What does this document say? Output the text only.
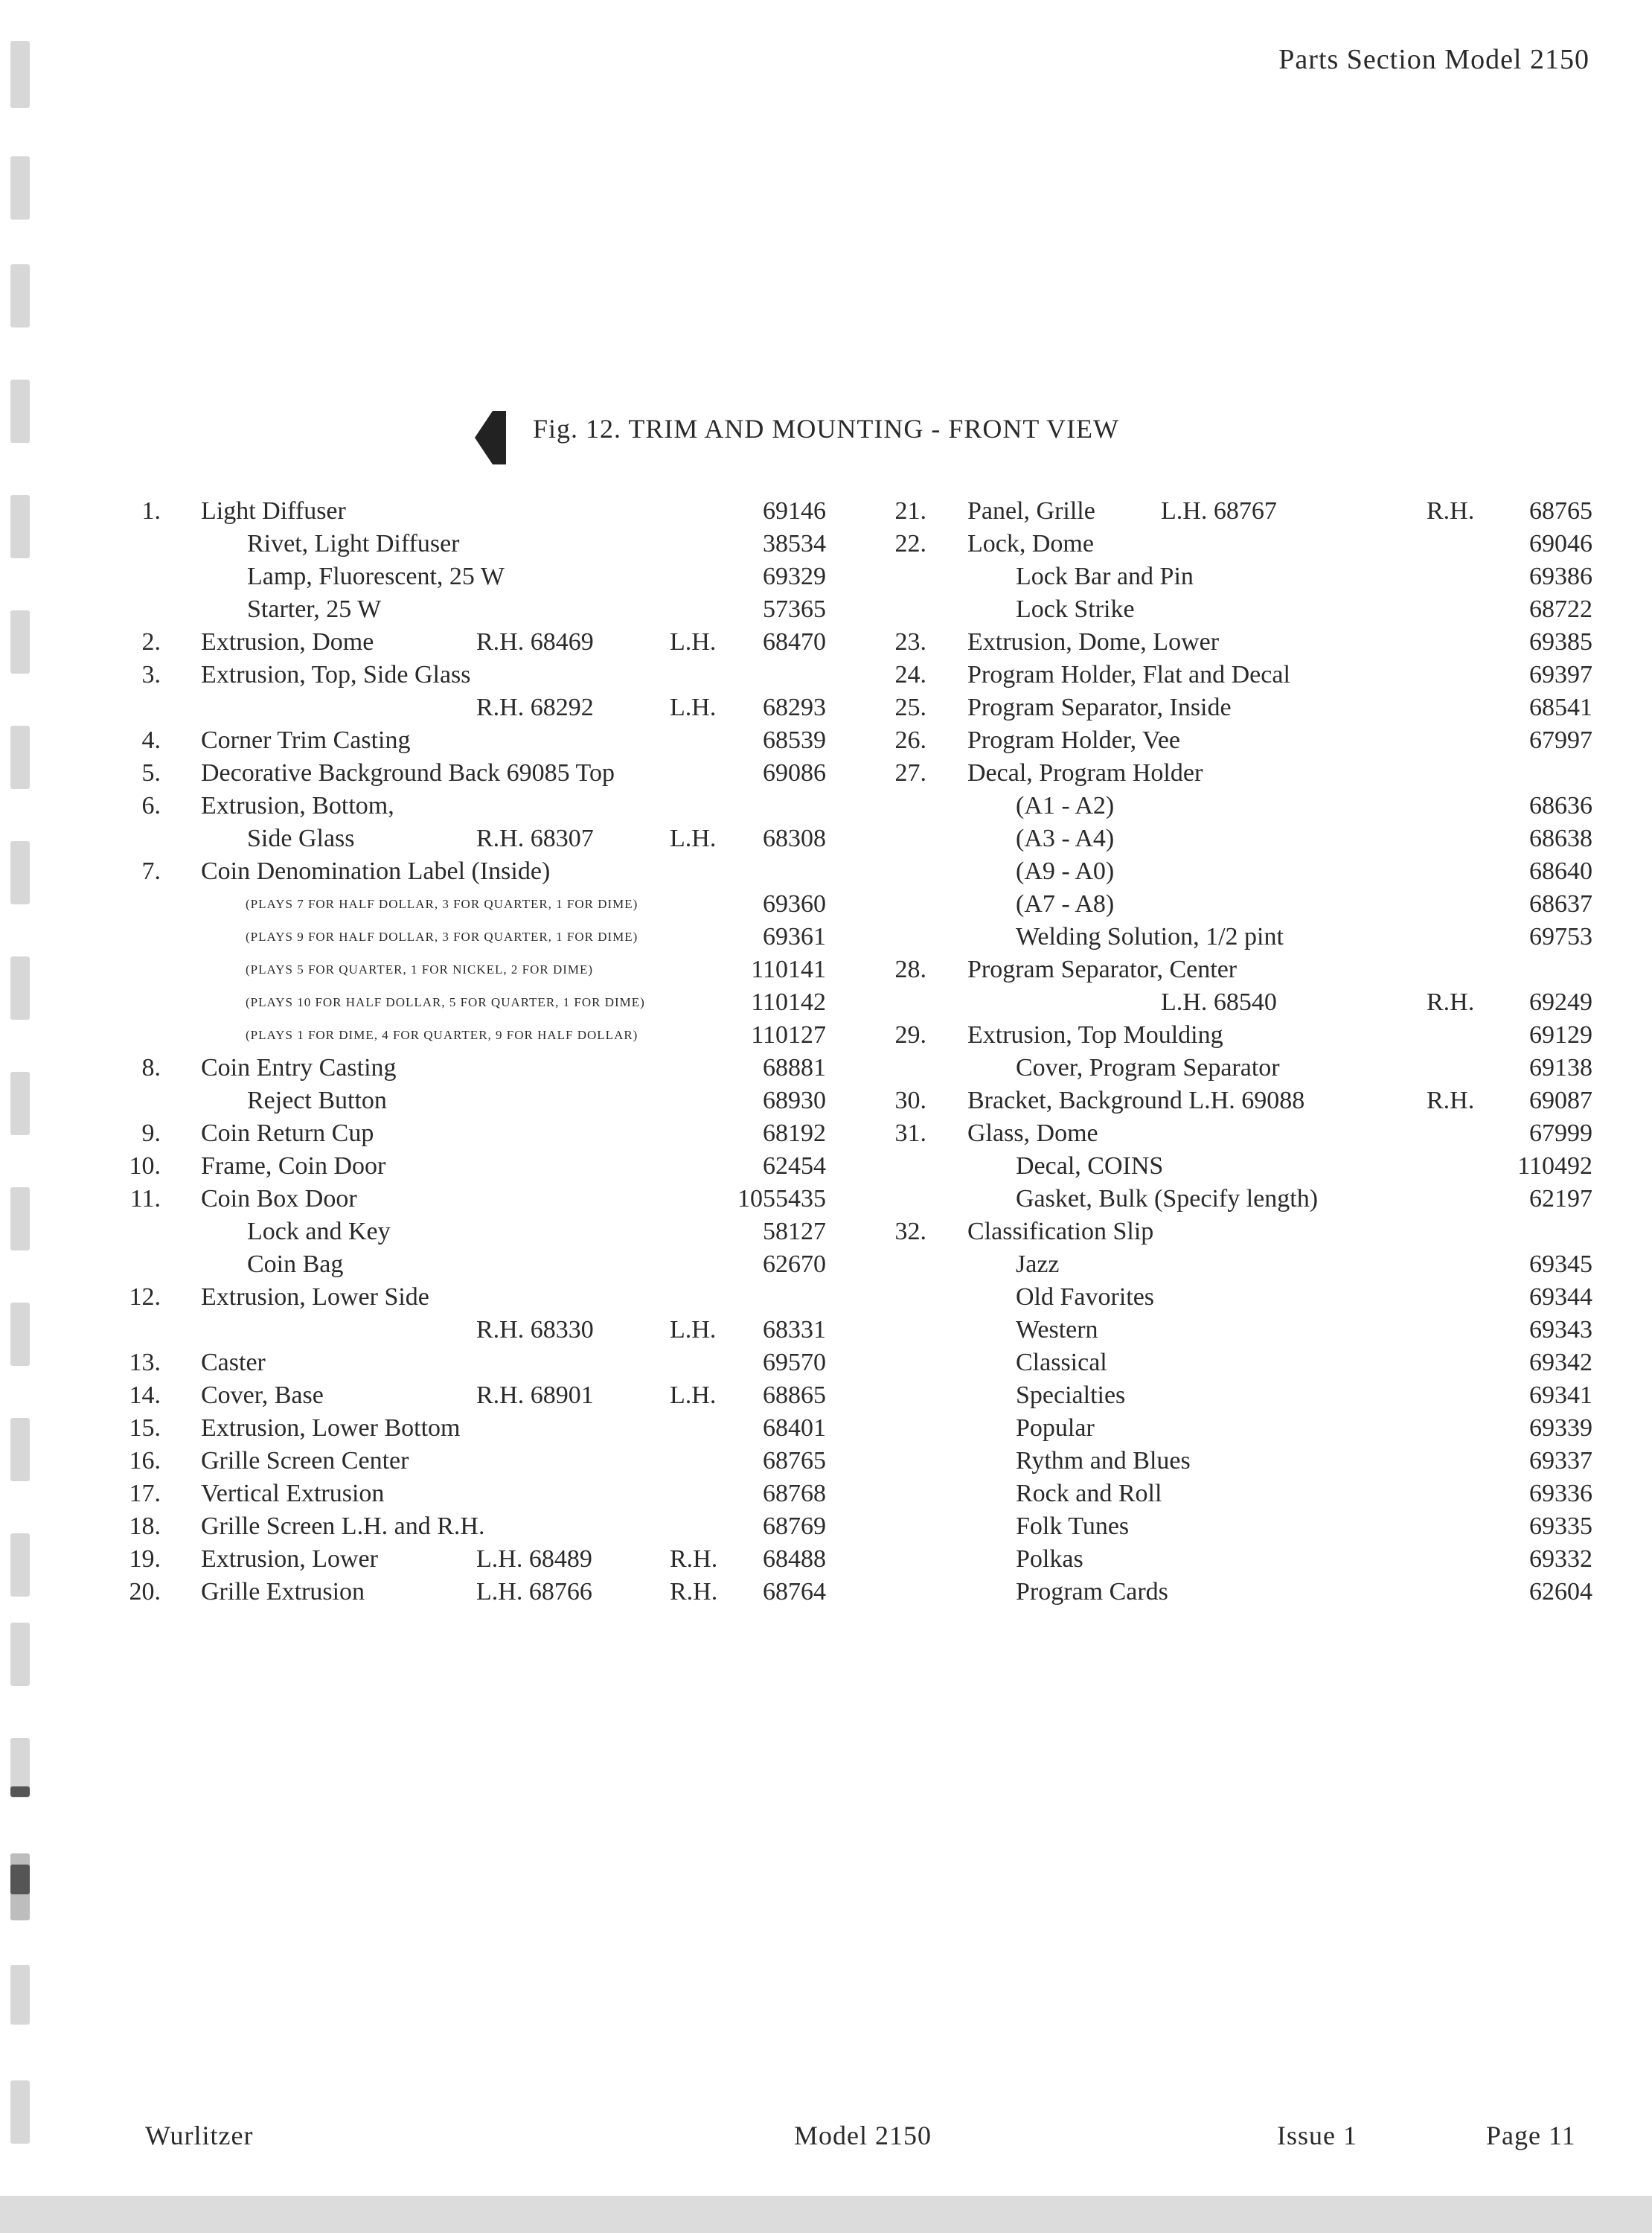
Parts Section Model 2150
Fig. 12. TRIM AND MOUNTING - FRONT VIEW
1. Light Diffuser	69146
Rivet, Light Diffuser	38534
Lamp, Fluorescent, 25 W	69329
Starter, 25 W	57365
2. Extrusion, Dome	R.H. 68469	L.H. 68470
3. Extrusion, Top, Side Glass
R.H. 68292	L.H. 68293
4. Corner Trim Casting	68539
5. Decorative Background Back 69085 Top	69086
6. Extrusion, Bottom,
Side Glass	R.H. 68307	L.H. 68308
7. Coin Denomination Label (Inside)
(PLAYS 7 FOR HALF DOLLAR, 3 FOR QUARTER, 1 FOR DIME)	69360
(PLAYS 9 FOR HALF DOLLAR, 3 FOR QUARTER, 1 FOR DIME)	69361
(PLAYS 5 FOR QUARTER, 1 FOR NICKEL, 2 FOR DIME)	110141
(PLAYS 10 FOR HALF DOLLAR, 5 FOR QUARTER, 1 FOR DIME)	110142
(PLAYS 1 FOR DIME, 4 FOR QUARTER, 9 FOR HALF DOLLAR)	110127
8. Coin Entry Casting	68881
Reject Button	68930
9. Coin Return Cup	68192
10. Frame, Coin Door	62454
11. Coin Box Door	1055435
Lock and Key	58127
Coin Bag	62670
12. Extrusion, Lower Side
R.H. 68330	L.H. 68331
13. Caster	69570
14. Cover, Base	R.H. 68901	L.H. 68865
15. Extrusion, Lower Bottom	68401
16. Grille Screen Center	68765
17. Vertical Extrusion	68768
18. Grille Screen L.H. and R.H.	68769
19. Extrusion, Lower	L.H. 68489	R.H. 68488
20. Grille Extrusion	L.H. 68766	R.H. 68764
21. Panel, Grille	L.H. 68767	R.H. 68765
22. Lock, Dome	69046
Lock Bar and Pin	69386
Lock Strike	68722
23. Extrusion, Dome, Lower	69385
24. Program Holder, Flat and Decal	69397
25. Program Separator, Inside	68541
26. Program Holder, Vee	67997
27. Decal, Program Holder
(A1 - A2)	68636
(A3 - A4)	68638
(A9 - A0)	68640
(A7 - A8)	68637
Welding Solution, 1/2 pint	69753
28. Program Separator, Center
L.H. 68540	R.H. 69249
29. Extrusion, Top Moulding	69129
Cover, Program Separator	69138
30. Bracket, Background L.H. 69088	R.H. 69087
31. Glass, Dome	67999
Decal, COINS	110492
Gasket, Bulk (Specify length)	62197
32. Classification Slip
Jazz	69345
Old Favorites	69344
Western	69343
Classical	69342
Specialties	69341
Popular	69339
Rythm and Blues	69337
Rock and Roll	69336
Folk Tunes	69335
Polkas	69332
Program Cards	62604
Wurlitzer	Model 2150	Issue 1	Page 11
